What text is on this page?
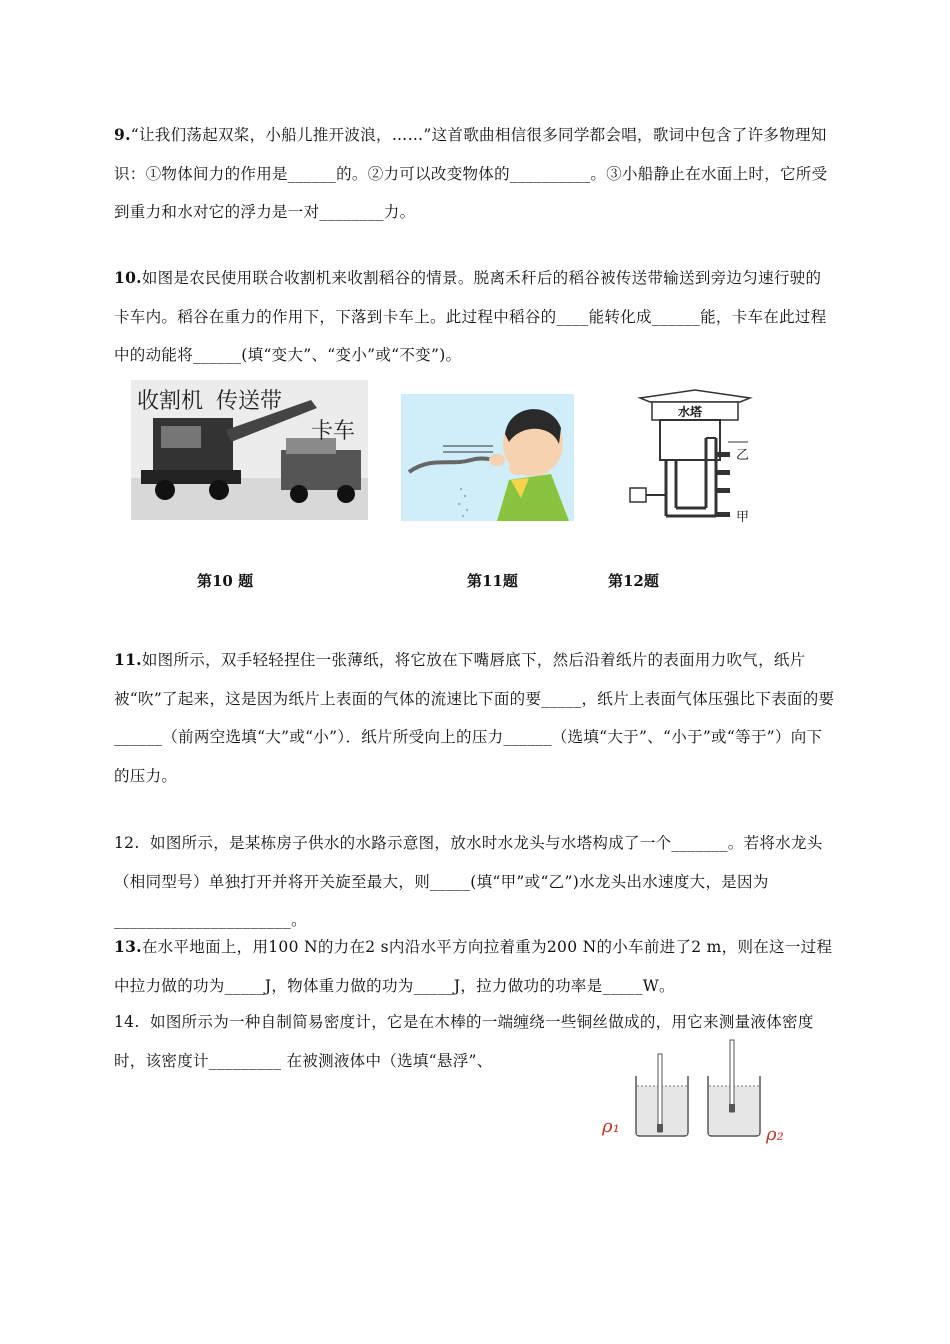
9.“让我们荡起双桨，小船儿推开波浪，……”这首歌曲相信很多同学都会唱，歌词中包含了许多物理知识：①物体间力的作用是______的。②力可以改变物体的__________。③小船静止在水面上时，它所受到重力和水对它的浮力是一对________力。
10.如图是农民使用联合收割机来收割稻谷的情景。脱离禾秆后的稻谷被传送带输送到旁边匀速行驶的卡车内。稻谷在重力的作用下，下落到卡车上。此过程中稻谷的____能转化成______能，卡车在此过程中的动能将______(填“变大”、“变小”或“不变”)。
收割机 传送带
卡车
水塔
乙
甲
第10 题	第11题	第12题
11.如图所示，双手轻轻捏住一张薄纸，将它放在下嘴唇底下，然后沿着纸片的表面用力吹气，纸片被“吹”了起来，这是因为纸片上表面的气体的流速比下面的要_____，纸片上表面气体压强比下表面的要______（前两空选填“大”或“小”）．纸片所受向上的压力______（选填“大于”、“小于”或“等于”）向下的压力。
12. 如图所示，是某栋房子供水的水路示意图，放水时水龙头与水塔构成了一个_______。若将水龙头（相同型号）单独打开并将开关旋至最大，则_____(填“甲”或“乙”)水龙头出水速度大，是因为______________________。
13.在水平地面上，用100 N的力在2 s内沿水平方向拉着重为200 N的小车前进了2 m，则在这一过程中拉力做的功为_____J，物体重力做的功为_____J，拉力做功的功率是_____W。
14. 如图所示为一种自制简易密度计，它是在木棒的一端缠绕一些铜丝做成的，用它来测量液体密度时，该密度计_________ 在被测液体中（选填“悬浮”、
ρ₁	ρ₂
